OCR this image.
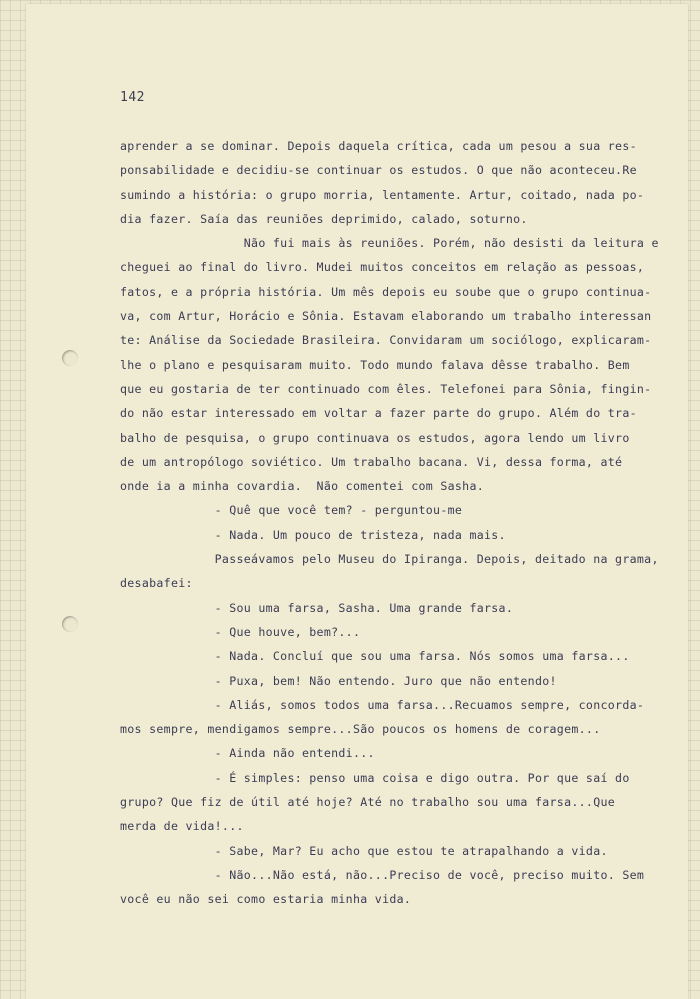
142
aprender a se dominar. Depois daquela crítica, cada um pesou a sua res-
ponsabilidade e decidiu-se continuar os estudos. O que não aconteceu.Re
sumindo a história: o grupo morria, lentamente. Artur, coitado, nada po-
dia fazer. Saía das reuniões deprimido, calado, soturno.
Não fui mais às reuniões. Porém, não desisti da leitura e
cheguei ao final do livro. Mudei muitos conceitos em relação as pessoas,
fatos, e a própria história. Um mês depois eu soube que o grupo continua-
va, com Artur, Horácio e Sônia. Estavam elaborando um trabalho interessan
te: Análise da Sociedade Brasileira. Convidaram um sociólogo, explicaram-
lhe o plano e pesquisaram muito. Todo mundo falava dêsse trabalho. Bem
que eu gostaria de ter continuado com êles. Telefonei para Sônia, fingin-
do não estar interessado em voltar a fazer parte do grupo. Além do tra-
balho de pesquisa, o grupo continuava os estudos, agora lendo um livro
de um antropólogo soviético. Um trabalho bacana. Vi, dessa forma, até
onde ia a minha covardia.  Não comentei com Sasha.
- Quê que você tem? - perguntou-me
- Nada. Um pouco de tristeza, nada mais.
Passeávamos pelo Museu do Ipiranga. Depois, deitado na grama,
desabafei:
- Sou uma farsa, Sasha. Uma grande farsa.
- Que houve, bem?...
- Nada. Concluí que sou uma farsa. Nós somos uma farsa...
- Puxa, bem! Não entendo. Juro que não entendo!
- Aliás, somos todos uma farsa...Recuamos sempre, concorda-
mos sempre, mendigamos sempre...São poucos os homens de coragem...
- Ainda não entendi...
- É simples: penso uma coisa e digo outra. Por que saí do
grupo? Que fiz de útil até hoje? Até no trabalho sou uma farsa...Que
merda de vida!...
- Sabe, Mar? Eu acho que estou te atrapalhando a vida.
- Não...Não está, não...Preciso de você, preciso muito. Sem
você eu não sei como estaria minha vida.
